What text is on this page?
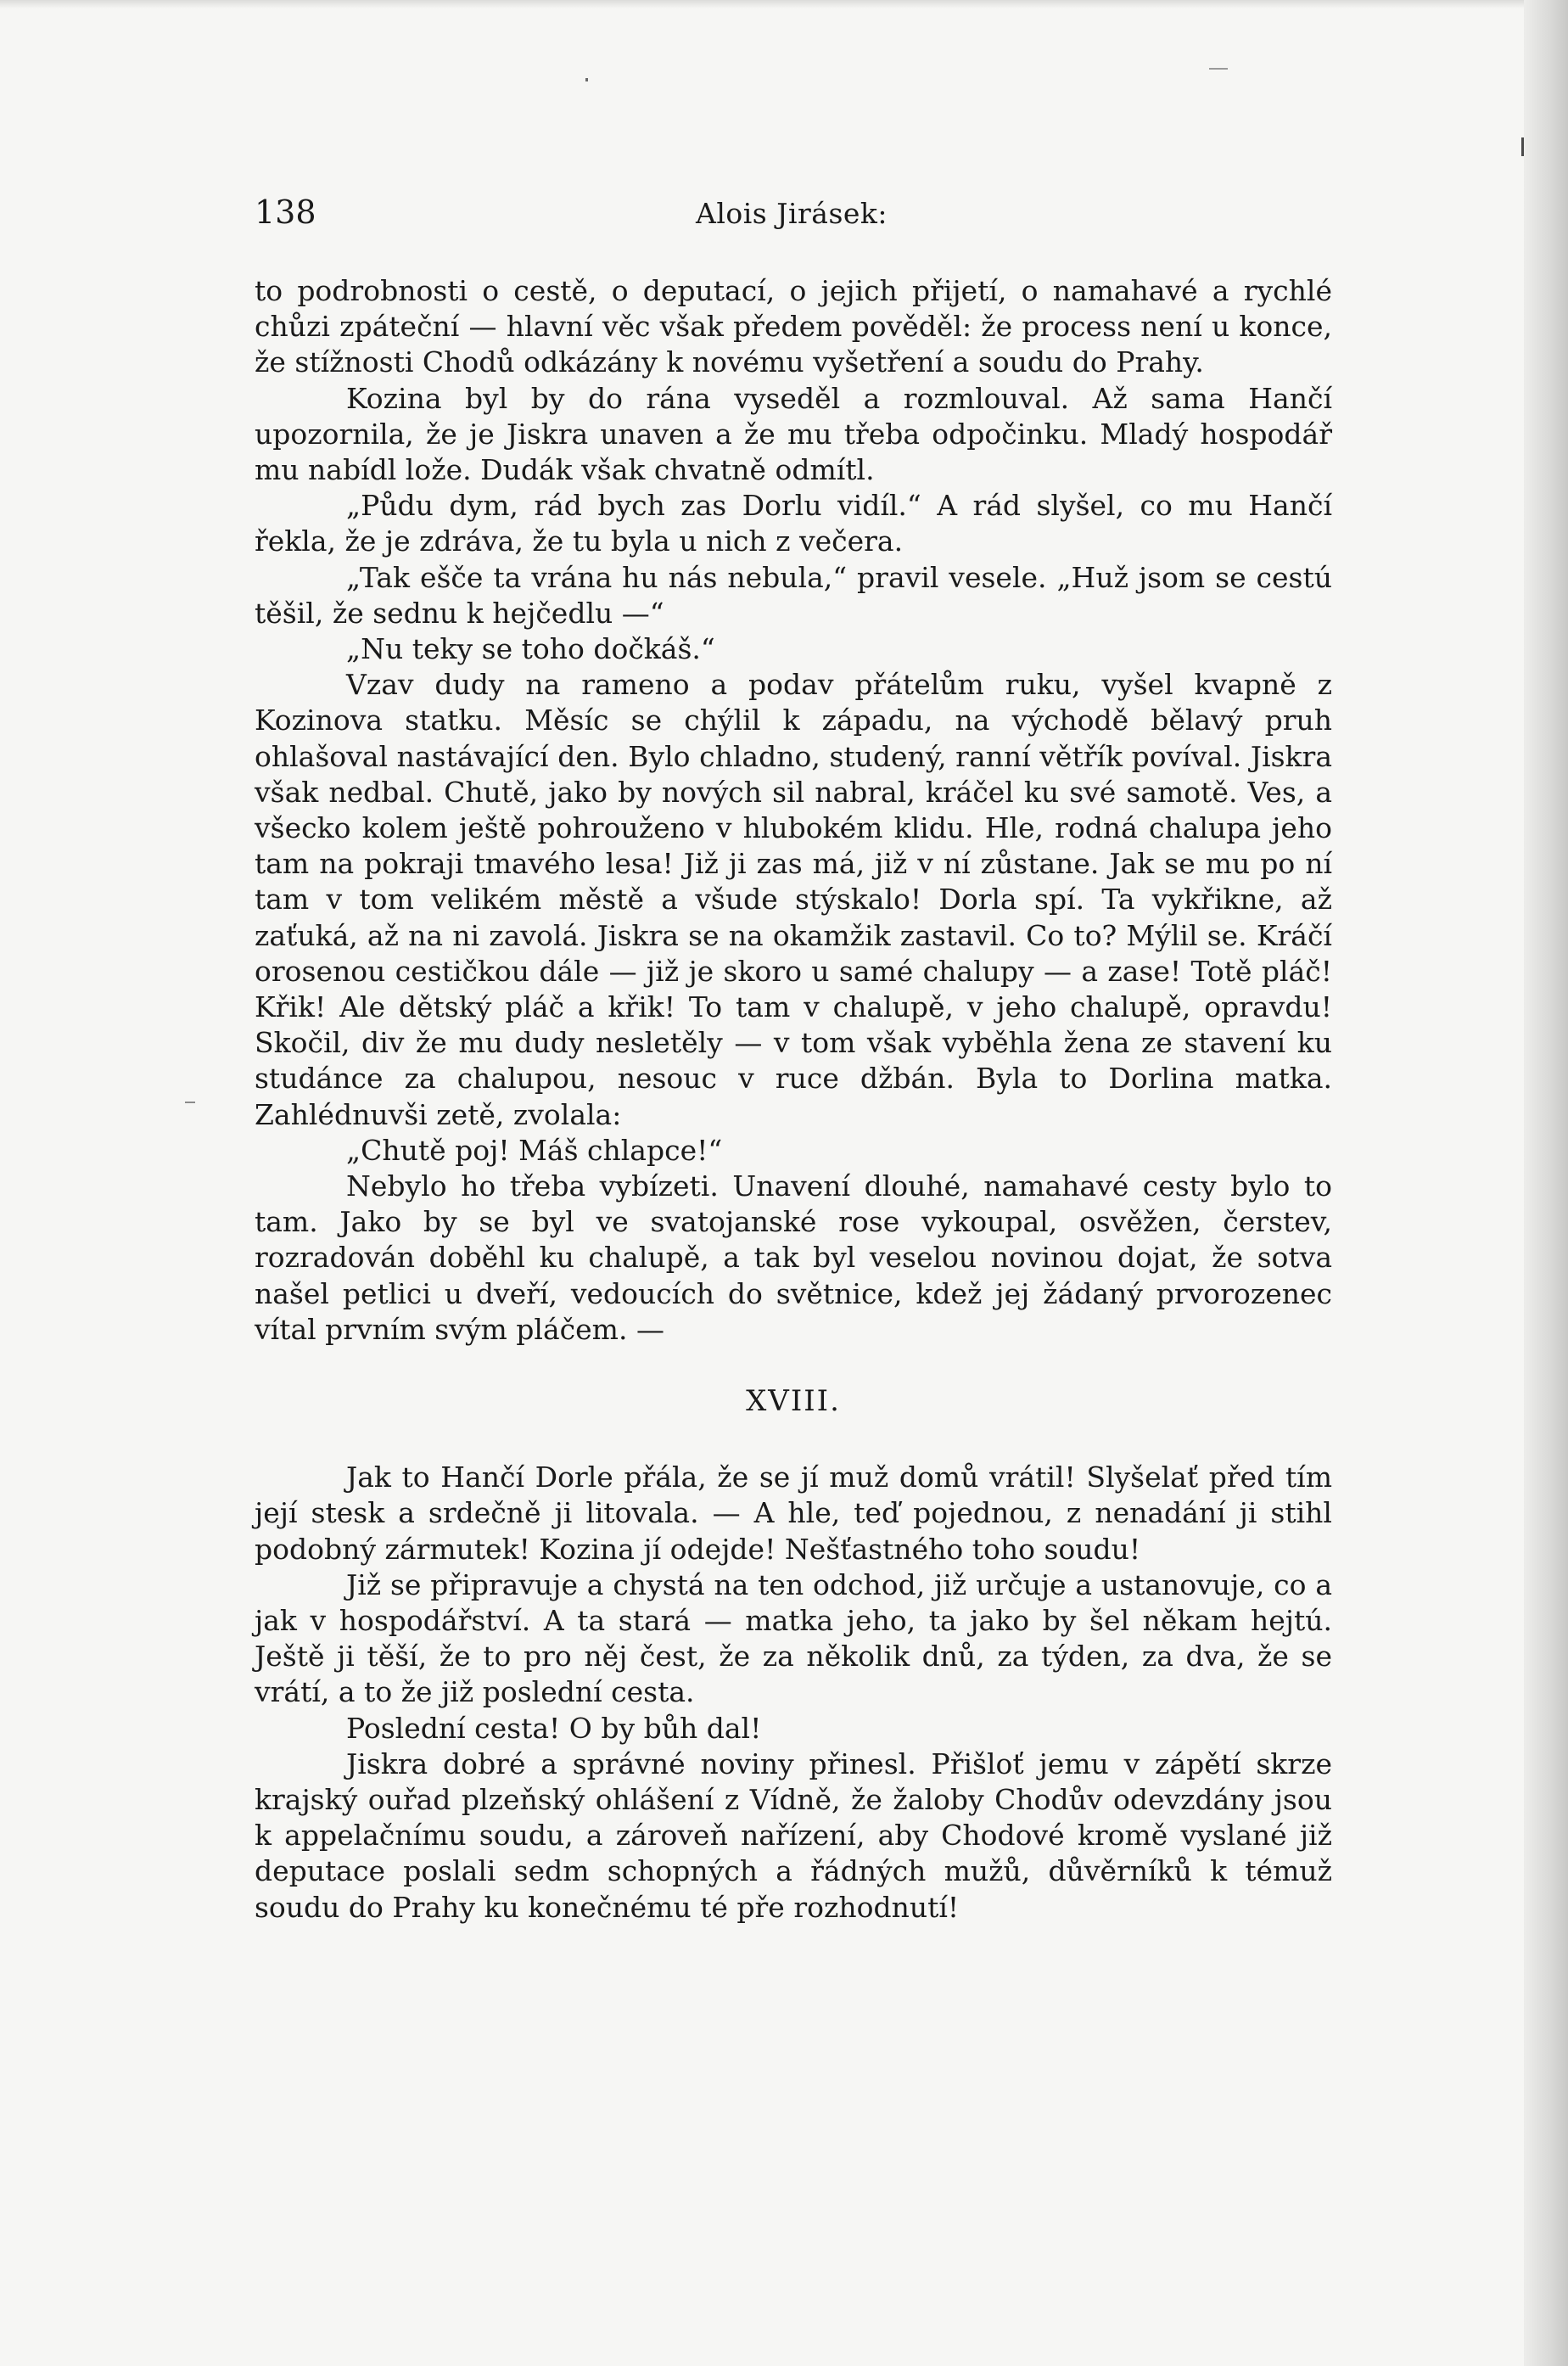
138	Alois Jirásek:

to podrobnosti o cestě, o deputací, o jejich přijetí, o namahavé a rychlé chůzi zpáteční — hlavní věc však předem pověděl: že process není u konce, že stížnosti Chodů odkázány k novému vyšetření a soudu do Prahy.

Kozina byl by do rána vyseděl a rozmlouval. Až sama Hančí upozornila, že je Jiskra unaven a že mu třeba odpočinku. Mladý hospodář mu nabídl lože. Dudák však chvatně odmítl.

„Půdu dym, rád bych zas Dorlu vidíl.“ A rád slyšel, co mu Hančí řekla, že je zdráva, že tu byla u nich z večera.

„Tak ešče ta vrána hu nás nebula,“ pravil vesele. „Huž jsom se cestú těšil, že sednu k hejčedlu —“

„Nu teky se toho dočkáš.“

Vzav dudy na rameno a podav přátelům ruku, vyšel kvapně z Kozinova statku. Měsíc se chýlil k západu, na východě bělavý pruh ohlašoval nastávající den. Bylo chladno, studený, ranní větřík povíval. Jiskra však nedbal. Chutě, jako by nových sil nabral, kráčel ku své samotě. Ves, a všecko kolem ještě pohrouženo v hlubokém klidu. Hle, rodná chalupa jeho tam na pokraji tmavého lesa! Již ji zas má, již v ní zůstane. Jak se mu po ní tam v tom velikém městě a všude stýskalo! Dorla spí. Ta vykřikne, až zaťuká, až na ni zavolá. Jiskra se na okamžik zastavil. Co to? Mýlil se. Kráčí orosenou cestičkou dále — již je skoro u samé chalupy — a zase! Totě pláč! Křik! Ale dětský pláč a křik! To tam v chalupě, v jeho chalupě, opravdu! Skočil, div že mu dudy nesletěly — v tom však vyběhla žena ze stavení ku studánce za chalupou, nesouc v ruce džbán. Byla to Dorlina matka. Zahlédnuvši zetě, zvolala:

„Chutě poj! Máš chlapce!“

Nebylo ho třeba vybízeti. Unavení dlouhé, namahavé cesty bylo to tam. Jako by se byl ve svatojanské rose vykoupal, osvěžen, čerstev, rozradován doběhl ku chalupě, a tak byl veselou novinou dojat, že sotva našel petlici u dveří, vedoucích do světnice, kdež jej žádaný prvorozenec vítal prvním svým pláčem. —

XVIII.

Jak to Hančí Dorle přála, že se jí muž domů vrátil! Slyšelať před tím její stesk a srdečně ji litovala. — A hle, teď pojednou, z nenadání ji stihl podobný zármutek! Kozina jí odejde! Nešťastného toho soudu!

Již se připravuje a chystá na ten odchod, již určuje a ustanovuje, co a jak v hospodářství. A ta stará — matka jeho, ta jako by šel někam hejtú. Ještě ji těší, že to pro něj čest, že za několik dnů, za týden, za dva, že se vrátí, a to že již poslední cesta.

Poslední cesta! O by bůh dal!

Jiskra dobré a správné noviny přinesl. Přišloť jemu v zápětí skrze krajský ouřad plzeňský ohlášení z Vídně, že žaloby Chodův odevzdány jsou k appelačnímu soudu, a zároveň nařízení, aby Chodové kromě vyslané již deputace poslali sedm schopných a řádných mužů, důvěrníků k témuž soudu do Prahy ku konečnému té pře rozhodnutí!
